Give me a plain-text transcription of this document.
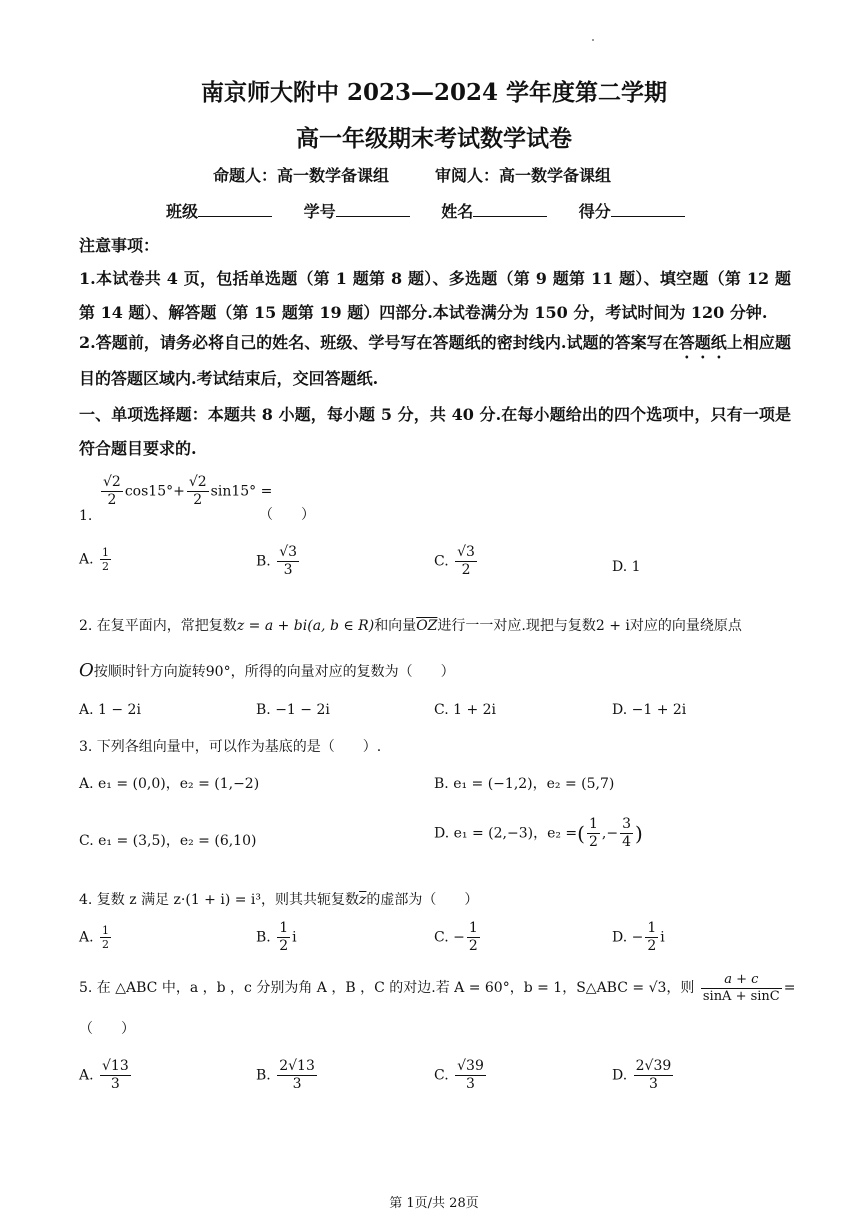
南京师大附中 2023—2024 学年度第二学期
高一年级期末考试数学试卷
命题人：高一数学备课组	审阅人：高一数学备课组
班级	学号	姓名	得分
注意事项：
1.本试卷共 4 页，包括单选题（第 1 题第 8 题）、多选题（第 9 题第 11 题）、填空题（第 12 题第 14 题）、解答题（第 15 题第 19 题）四部分.本试卷满分为 150 分，考试时间为 120 分钟.
2.答题前，请务必将自己的姓名、班级、学号写在答题纸的密封线内.试题的答案写在答题纸上相应题目的答题区域内.考试结束后，交回答题纸.
一、单项选择题：本题共 8 小题，每小题 5 分，共 40 分.在每小题给出的四个选项中，只有一项是符合题目要求的.
1.
$\frac{√2}{2} \cos 15^\circ+ \frac{√2}{2} \sin 15^\circ$ =
（　　）
A. $\frac{1}{2}$	B. $\frac{√3}{3}$	C. $\frac{√3}{2}$	D. 1
2. 在复平面内，常把复数z = a + bi(a, b ∈ R)和向量$\overline{OZ}$进行一一对应.现把与复数2 + i对应的向量绕原点
O按顺时针方向旋转90°，所得的向量对应的复数为（　　）
A. 1 − 2i	B. −1 − 2i	C. 1 + 2i	D. −1 + 2i
3. 下列各组向量中，可以作为基底的是（　　）.
A. e₁ = (0,0)，e₂ = (1,−2)	B. e₁ = (−1,2)，e₂ = (5,7)
C. e₁ = (3,5)，e₂ = (6,10)	D. e₁ = (2,−3)，e₂ =( $\frac{1}{2}$ ,− $\frac{3}{4}$ )
4. 复数 z 满足 z·(1 + i) = i³，则其共轭复数$\overline{z}$的虚部为（　　）
A. $\frac{1}{2}$	B. $\frac{1}{2}$ i	C. − $\frac{1}{2}$	D. − $\frac{1}{2}$ i
5. 在 △ABC 中，a ，b ，c 分别为角 A ，B ，C 的对边.若 A = 60°，b = 1，S△ABC = √3，则 $\frac{a + c}{\sin A + \sin C}$ =
（　　）
A. $\frac{√13}{3}$	B. $\frac{2√13}{3}$	C. $\frac{√39}{3}$	D. $\frac{2√39}{3}$
第 1页/共 28页
